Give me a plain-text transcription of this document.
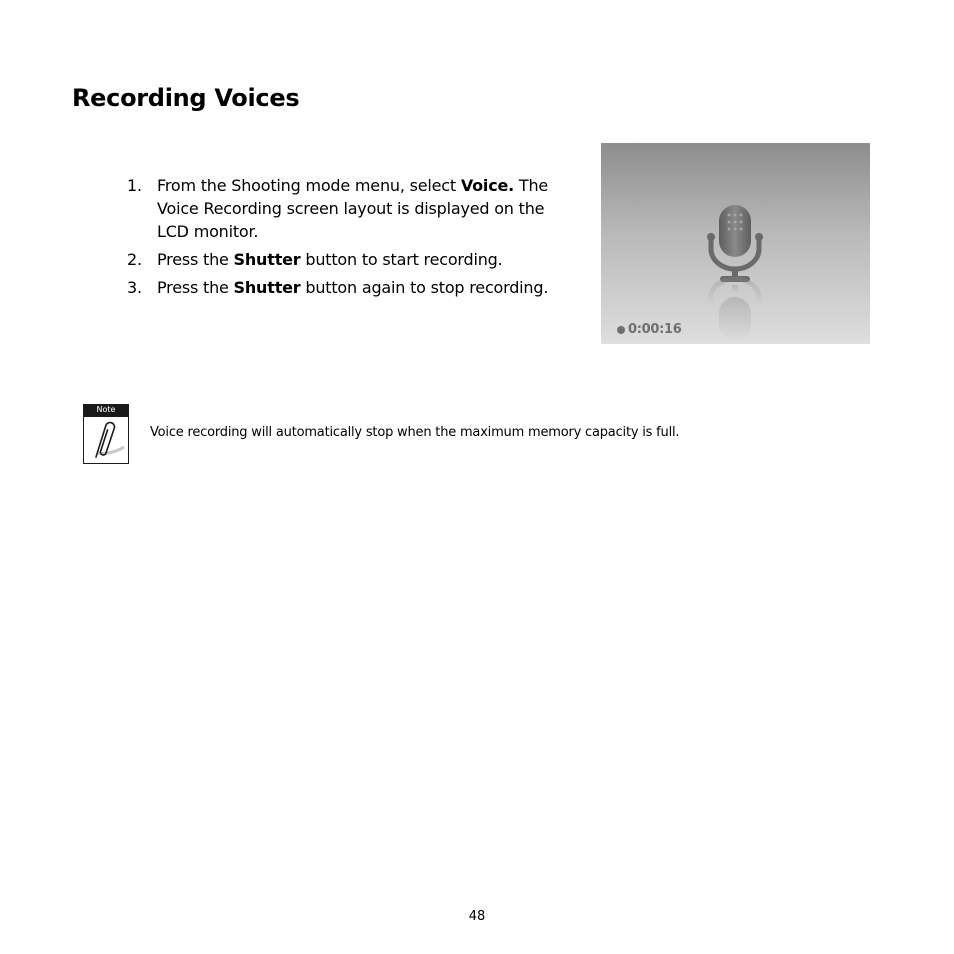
Recording Voices
1. From the Shooting mode menu, select Voice. The Voice Recording screen layout is displayed on the LCD monitor.
2. Press the Shutter button to start recording.
3. Press the Shutter button again to stop recording.
0:00:16
Note
Voice recording will automatically stop when the maximum memory capacity is full.
48
